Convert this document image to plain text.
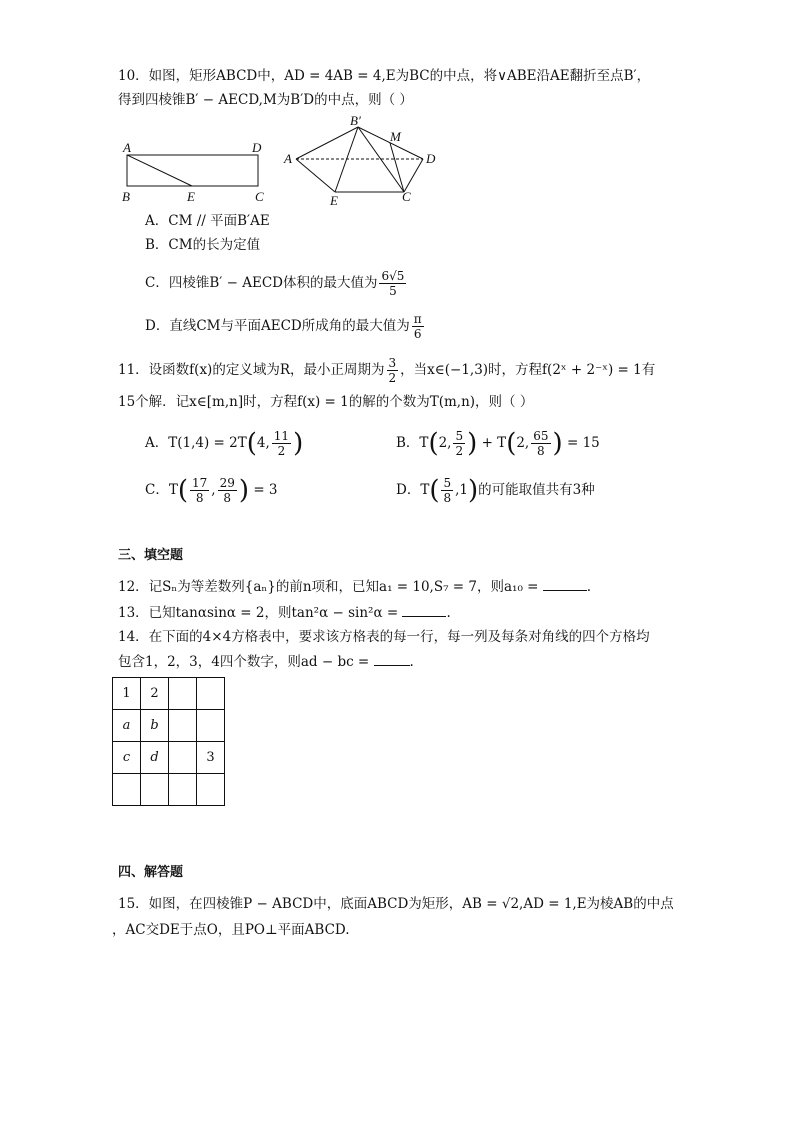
10．如图，矩形ABCD中，AD = 4AB = 4,E为BC的中点，将∨ABE沿AE翻折至点B′，
得到四棱锥B′ − AECD,M为B′D的中点，则（ ）
A	D
B	E	C
B′
M
A	D
E	C
A．CM // 平面B′AE
B．CM的长为定值
C．四棱锥B′ − AECD体积的最大值为 $\frac{6√5}{5}$
D．直线CM与平面AECD所成角的最大值为 $\frac{\pi}{6}$
11．设函数f(x)的定义域为R，最小正周期为 $\frac{3}{2}$ ，当x∈(−1,3)时，方程f(2ˣ + 2⁻ˣ) = 1有
15个解．记x∈[m,n]时，方程f(x) = 1的解的个数为T(m,n)，则（ ）
A．T(1,4) = 2T(4, $\frac{11}{2}$ )	B．T(2, $\frac{5}{2}$ ) + T(2, $\frac{65}{8}$ ) = 15
C．$T( \frac{17}{8}$ , $\frac{29}{8}$ ) = 3	D．$T( \frac{5}{8} ,1)$的可能取值共有3种
三、填空题
12．记Sₙ为等差数列{aₙ}的前n项和，已知a₁ = 10,S₇ = 7，则a₁₀ =	.
13．已知tanαsinα = 2，则tan²α − sin²α =	.
14．在下面的4×4方格表中，要求该方格表的每一行，每一列及每条对角线的四个方格均
包含1，2，3，4四个数字，则ad − bc =	.
1	2		
a	b		
c	d		3

四、解答题
15．如图，在四棱锥P − ABCD中，底面ABCD为矩形，AB = √2,AD = 1,E为棱AB的中点
，AC交DE于点O，且PO⊥平面ABCD.
